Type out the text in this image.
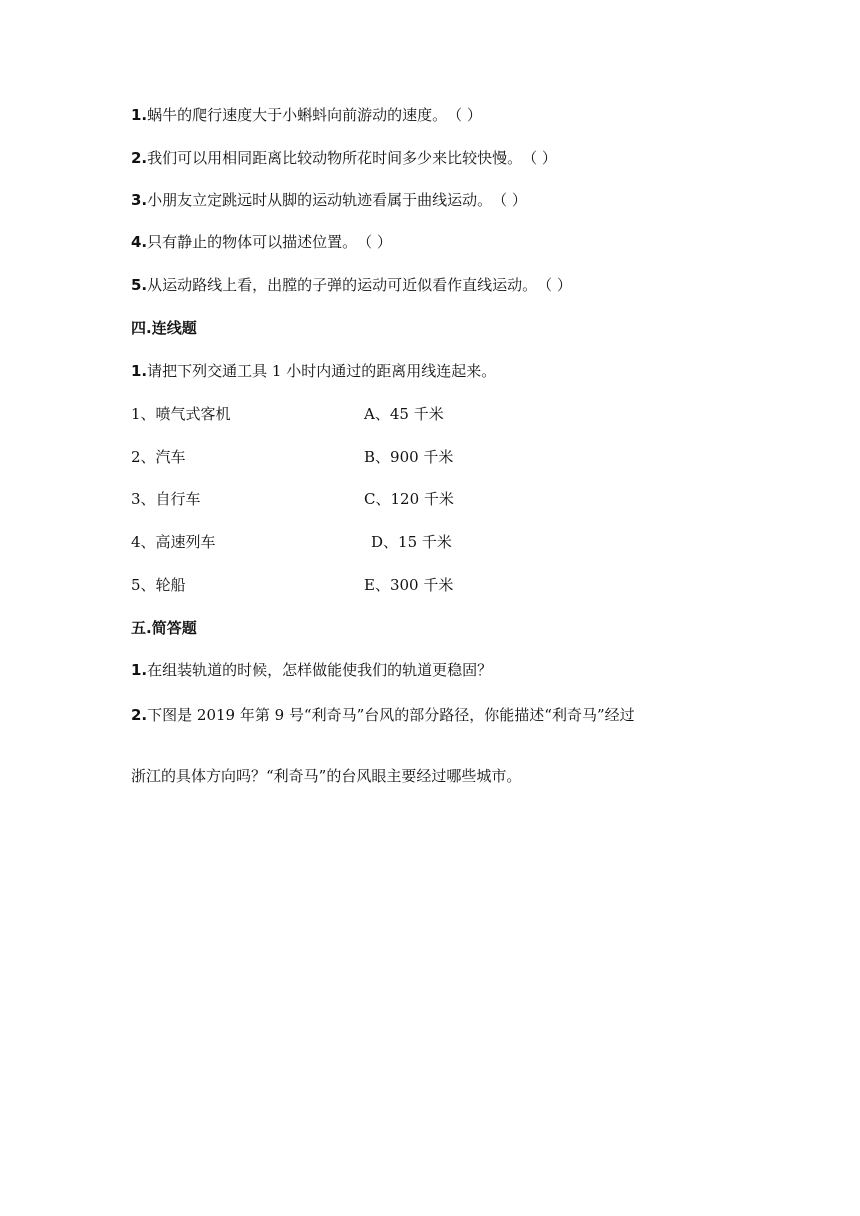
1.蜗牛的爬行速度大于小蝌蚪向前游动的速度。（ ）
2.我们可以用相同距离比较动物所花时间多少来比较快慢。（ ）
3.小朋友立定跳远时从脚的运动轨迹看属于曲线运动。（ ）
4.只有静止的物体可以描述位置。（ ）
5.从运动路线上看，出膛的子弹的运动可近似看作直线运动。（ ）
四.连线题
1.请把下列交通工具 1 小时内通过的距离用线连起来。
1、喷气式客机	A、45 千米
2、汽车	B、900 千米
3、自行车	C、120 千米
4、高速列车	D、15 千米
5、轮船	E、300 千米
五.简答题
1.在组装轨道的时候，怎样做能使我们的轨道更稳固？
2.下图是 2019 年第 9 号“利奇马”台风的部分路径，你能描述“利奇马”经过
浙江的具体方向吗？“利奇马”的台风眼主要经过哪些城市。
